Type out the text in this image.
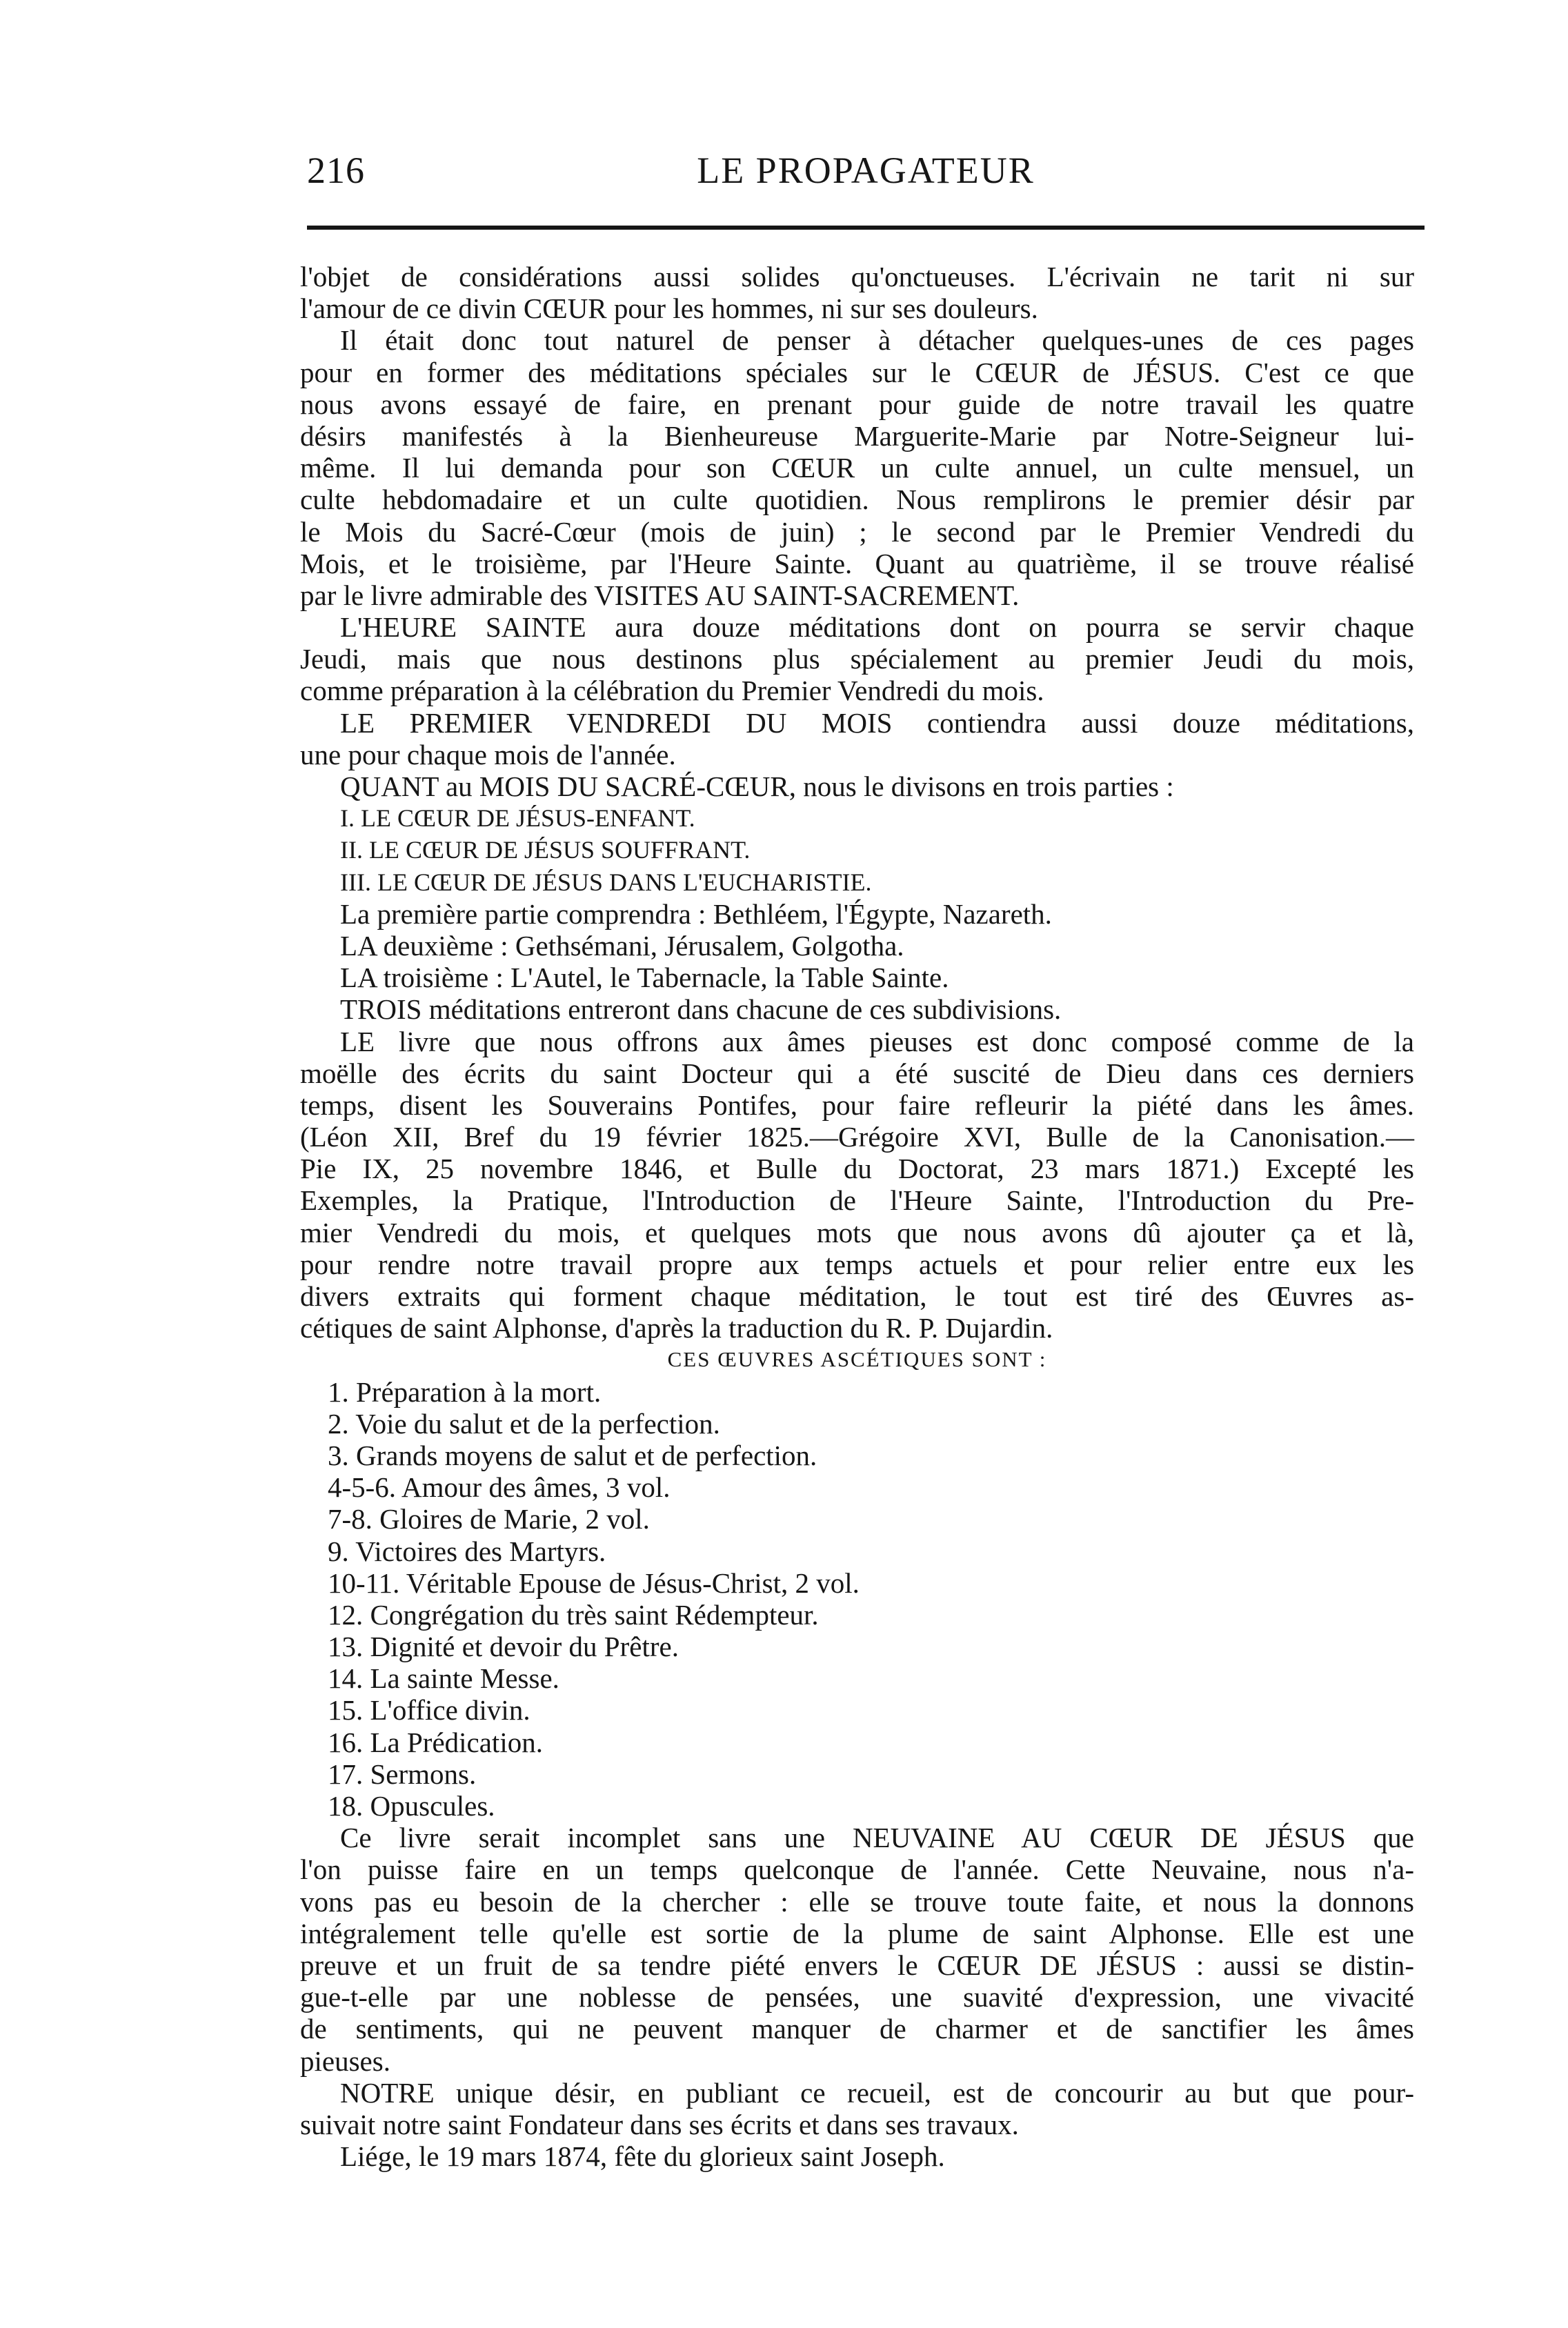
216	LE PROPAGATEUR
l'objet de considérations aussi solides qu'onctueuses. L'écrivain ne tarit ni sur
l'amour de ce divin CŒUR pour les hommes, ni sur ses douleurs.
Il était donc tout naturel de penser à détacher quelques-unes de ces pages
pour en former des méditations spéciales sur le CŒUR de JÉSUS. C'est ce que
nous avons essayé de faire, en prenant pour guide de notre travail les quatre
désirs manifestés à la Bienheureuse Marguerite-Marie par Notre-Seigneur lui-
même. Il lui demanda pour son CŒUR un culte annuel, un culte mensuel, un
culte hebdomadaire et un culte quotidien. Nous remplirons le premier désir par
le Mois du Sacré-Cœur (mois de juin) ; le second par le Premier Vendredi du
Mois, et le troisième, par l'Heure Sainte. Quant au quatrième, il se trouve réalisé
par le livre admirable des VISITES AU SAINT-SACREMENT.
L'HEURE SAINTE aura douze méditations dont on pourra se servir chaque
Jeudi, mais que nous destinons plus spécialement au premier Jeudi du mois,
comme préparation à la célébration du Premier Vendredi du mois.
LE PREMIER VENDREDI DU MOIS contiendra aussi douze méditations,
une pour chaque mois de l'année.
QUANT au MOIS DU SACRÉ-CŒUR, nous le divisons en trois parties :
I. LE CŒUR DE JÉSUS-ENFANT.
II. LE CŒUR DE JÉSUS SOUFFRANT.
III. LE CŒUR DE JÉSUS DANS L'EUCHARISTIE.
La première partie comprendra : Bethléem, l'Égypte, Nazareth.
LA deuxième : Gethsémani, Jérusalem, Golgotha.
LA troisième : L'Autel, le Tabernacle, la Table Sainte.
TROIS méditations entreront dans chacune de ces subdivisions.
LE livre que nous offrons aux âmes pieuses est donc composé comme de la
moëlle des écrits du saint Docteur qui a été suscité de Dieu dans ces derniers
temps, disent les Souverains Pontifes, pour faire refleurir la piété dans les âmes.
(Léon XII, Bref du 19 février 1825.—Grégoire XVI, Bulle de la Canonisation.—
Pie IX, 25 novembre 1846, et Bulle du Doctorat, 23 mars 1871.) Excepté les
Exemples, la Pratique, l'Introduction de l'Heure Sainte, l'Introduction du Pre-
mier Vendredi du mois, et quelques mots que nous avons dû ajouter ça et là,
pour rendre notre travail propre aux temps actuels et pour relier entre eux les
divers extraits qui forment chaque méditation, le tout est tiré des Œuvres as-
cétiques de saint Alphonse, d'après la traduction du R. P. Dujardin.
CES ŒUVRES ASCÉTIQUES SONT :
1. Préparation à la mort.
2. Voie du salut et de la perfection.
3. Grands moyens de salut et de perfection.
4-5-6. Amour des âmes, 3 vol.
7-8. Gloires de Marie, 2 vol.
9. Victoires des Martyrs.
10-11. Véritable Epouse de Jésus-Christ, 2 vol.
12. Congrégation du très saint Rédempteur.
13. Dignité et devoir du Prêtre.
14. La sainte Messe.
15. L'office divin.
16. La Prédication.
17. Sermons.
18. Opuscules.
Ce livre serait incomplet sans une NEUVAINE AU CŒUR DE JÉSUS que
l'on puisse faire en un temps quelconque de l'année. Cette Neuvaine, nous n'a-
vons pas eu besoin de la chercher : elle se trouve toute faite, et nous la donnons
intégralement telle qu'elle est sortie de la plume de saint Alphonse. Elle est une
preuve et un fruit de sa tendre piété envers le CŒUR DE JÉSUS : aussi se distin-
gue-t-elle par une noblesse de pensées, une suavité d'expression, une vivacité
de sentiments, qui ne peuvent manquer de charmer et de sanctifier les âmes
pieuses.
NOTRE unique désir, en publiant ce recueil, est de concourir au but que pour-
suivait notre saint Fondateur dans ses écrits et dans ses travaux.
Liége, le 19 mars 1874, fête du glorieux saint Joseph.
